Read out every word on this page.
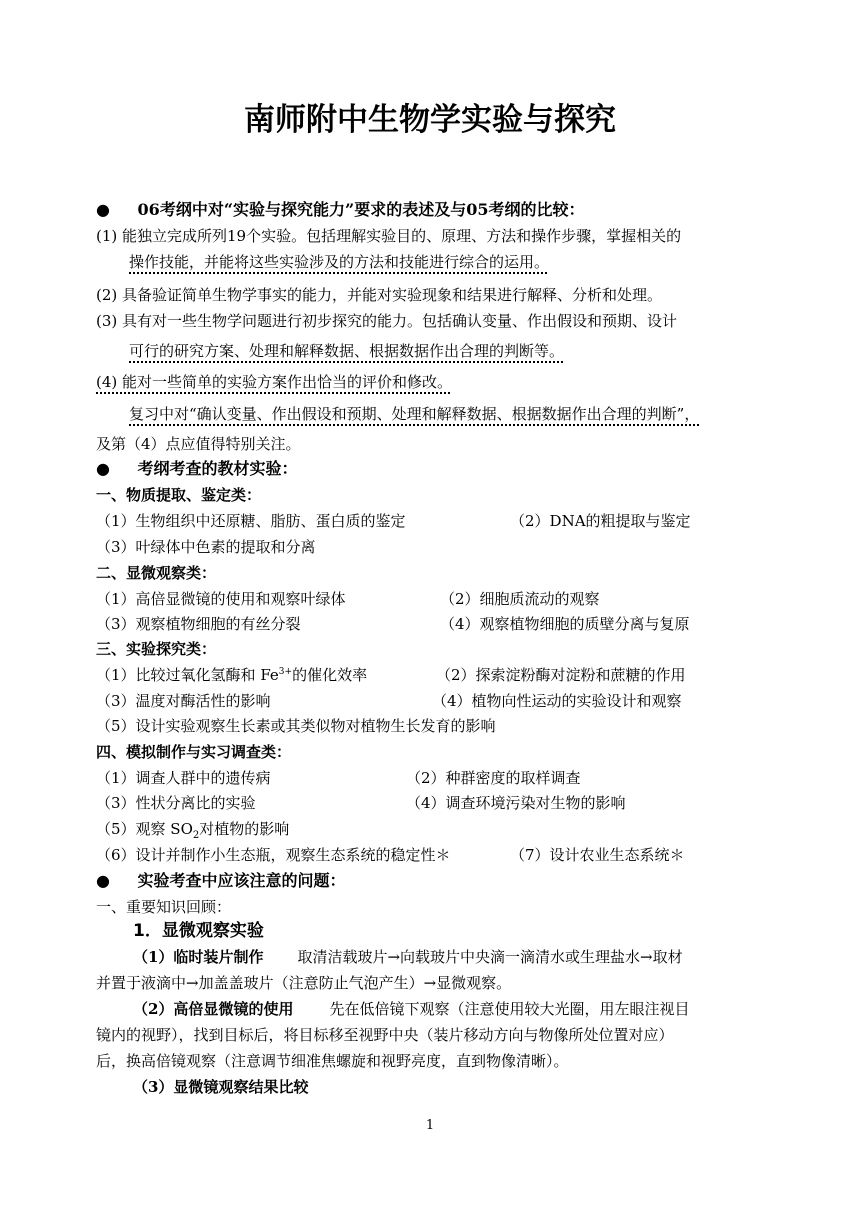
南师附中生物学实验与探究
● 06考纲中对“实验与探究能力”要求的表述及与05考纲的比较：
(1) 能独立完成所列19个实验。包括理解实验目的、原理、方法和操作步骤，掌握相关的
操作技能，并能将这些实验涉及的方法和技能进行综合的运用。
(2) 具备验证简单生物学事实的能力，并能对实验现象和结果进行解释、分析和处理。
(3) 具有对一些生物学问题进行初步探究的能力。包括确认变量、作出假设和预期、设计
可行的研究方案、处理和解释数据、根据数据作出合理的判断等。
(4) 能对一些简单的实验方案作出恰当的评价和修改。
复习中对“确认变量、作出假设和预期、处理和解释数据、根据数据作出合理的判断”，
及第（4）点应值得特别关注。
● 考纲考查的教材实验：
一、物质提取、鉴定类：
（1）生物组织中还原糖、脂肪、蛋白质的鉴定	（2）DNA的粗提取与鉴定
（3）叶绿体中色素的提取和分离
二、显微观察类：
（1）高倍显微镜的使用和观察叶绿体	（2）细胞质流动的观察
（3）观察植物细胞的有丝分裂	（4）观察植物细胞的质壁分离与复原
三、实验探究类：
（1）比较过氧化氢酶和 $Fe^{3+}$的催化效率	（2）探索淀粉酶对淀粉和蔗糖的作用
（3）温度对酶活性的影响	（4）植物向性运动的实验设计和观察
（5）设计实验观察生长素或其类似物对植物生长发育的影响
四、模拟制作与实习调查类：
（1）调查人群中的遗传病	（2）种群密度的取样调查
（3）性状分离比的实验	（4）调查环境污染对生物的影响
（5）观察 $SO_2$对植物的影响
（6）设计并制作小生态瓶，观察生态系统的稳定性＊	（7）设计农业生态系统＊
● 实验考查中应该注意的问题：
一、重要知识回顾：
1．显微观察实验
（1）临时装片制作 取清洁载玻片→向载玻片中央滴一滴清水或生理盐水→取材
并置于液滴中→加盖盖玻片（注意防止气泡产生）→显微观察。
（2）高倍显微镜的使用 先在低倍镜下观察（注意使用较大光圈，用左眼注视目
镜内的视野），找到目标后，将目标移至视野中央（装片移动方向与物像所处位置对应）
后，换高倍镜观察（注意调节细准焦螺旋和视野亮度，直到物像清晰）。
（3）显微镜观察结果比较
1
